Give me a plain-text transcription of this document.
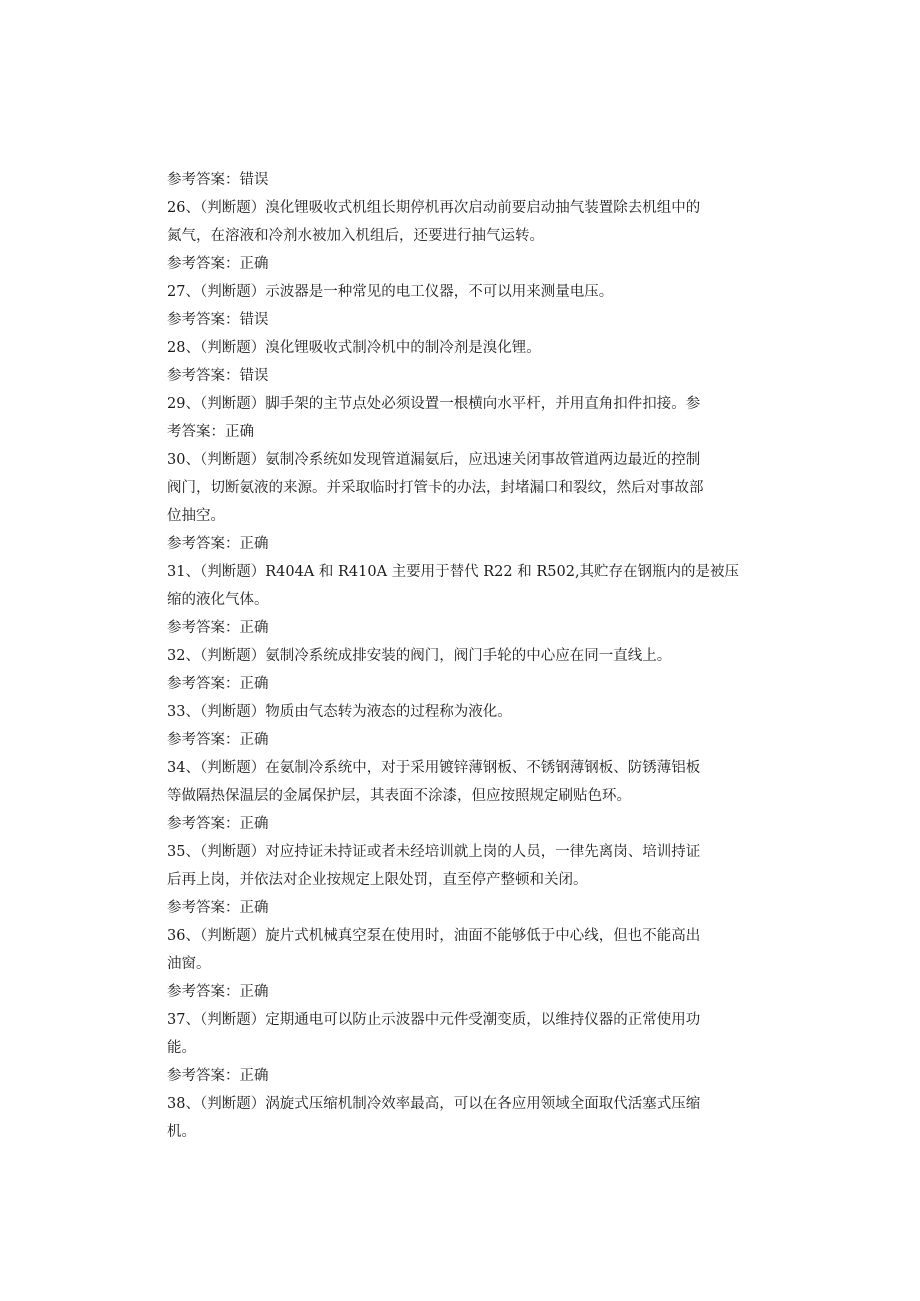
参考答案：错误
26、（判断题）溴化锂吸收式机组长期停机再次启动前要启动抽气装置除去机组中的
氮气，在溶液和冷剂水被加入机组后，还要进行抽气运转。
参考答案：正确
27、（判断题）示波器是一种常见的电工仪器，不可以用来测量电压。
参考答案：错误
28、（判断题）溴化锂吸收式制冷机中的制冷剂是溴化锂。
参考答案：错误
29、（判断题）脚手架的主节点处必须设置一根横向水平杆，并用直角扣件扣接。参
考答案：正确
30、（判断题）氨制冷系统如发现管道漏氨后，应迅速关闭事故管道两边最近的控制
阀门，切断氨液的来源。并采取临时打管卡的办法，封堵漏口和裂纹，然后对事故部
位抽空。
参考答案：正确
31、（判断题）R404A 和 R410A 主要用于替代 R22 和 R502,其贮存在钢瓶内的是被压
缩的液化气体。
参考答案：正确
32、（判断题）氨制冷系统成排安装的阀门，阀门手轮的中心应在同一直线上。
参考答案：正确
33、（判断题）物质由气态转为液态的过程称为液化。
参考答案：正确
34、（判断题）在氨制冷系统中，对于采用镀锌薄钢板、不锈钢薄钢板、防锈薄铝板
等做隔热保温层的金属保护层，其表面不涂漆，但应按照规定刷贴色环。
参考答案：正确
35、（判断题）对应持证未持证或者未经培训就上岗的人员，一律先离岗、培训持证
后再上岗，并依法对企业按规定上限处罚，直至停产整顿和关闭。
参考答案：正确
36、（判断题）旋片式机械真空泵在使用时，油面不能够低于中心线，但也不能高出
油窗。
参考答案：正确
37、（判断题）定期通电可以防止示波器中元件受潮变质，以维持仪器的正常使用功
能。
参考答案：正确
38、（判断题）涡旋式压缩机制冷效率最高，可以在各应用领域全面取代活塞式压缩
机。
